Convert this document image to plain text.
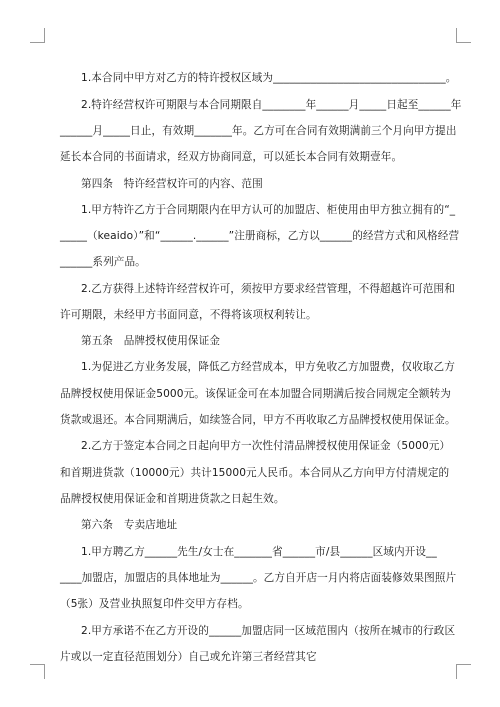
1.本合同中甲方对乙方的特许授权区域为________________________________。
2.特许经营权许可期限与本合同期限自________年______月_____日起至______年
______月_____日止，有效期_______年。乙方可在合同有效期满前三个月向甲方提出
延长本合同的书面请求，经双方协商同意，可以延长本合同有效期壹年。
第四条　特许经营权许可的内容、范围
1.甲方特许乙方于合同期限内在甲方认可的加盟店、柜使用由甲方独立拥有的“_
_____（keaido）”和“______.______”注册商标，乙方以______的经营方式和风格经营
______系列产品。
2.乙方获得上述特许经营权许可，须按甲方要求经营管理，不得超越许可范围和
许可期限，未经甲方书面同意，不得将该项权利转让。
第五条　品牌授权使用保证金
1.为促进乙方业务发展，降低乙方经营成本，甲方免收乙方加盟费，仅收取乙方
品牌授权使用保证金5000元。该保证金可在本加盟合同期满后按合同规定全额转为
货款或退还。本合同期满后，如续签合同，甲方不再收取乙方品牌授权使用保证金。
2.乙方于签定本合同之日起向甲方一次性付清品牌授权使用保证金（5000元）
和首期进货款（10000元）共计15000元人民币。本合同从乙方向甲方付清规定的
品牌授权使用保证金和首期进货款之日起生效。
第六条　专卖店地址
1.甲方聘乙方______先生/女士在_______省______市/县______区域内开设__
____加盟店，加盟店的具体地址为______。乙方自开店一月内将店面装修效果图照片
（5张）及营业执照复印件交甲方存档。
2.甲方承诺不在乙方开设的______加盟店同一区域范围内（按所在城市的行政区
片或以一定直径范围划分）自己或允许第三者经营其它
